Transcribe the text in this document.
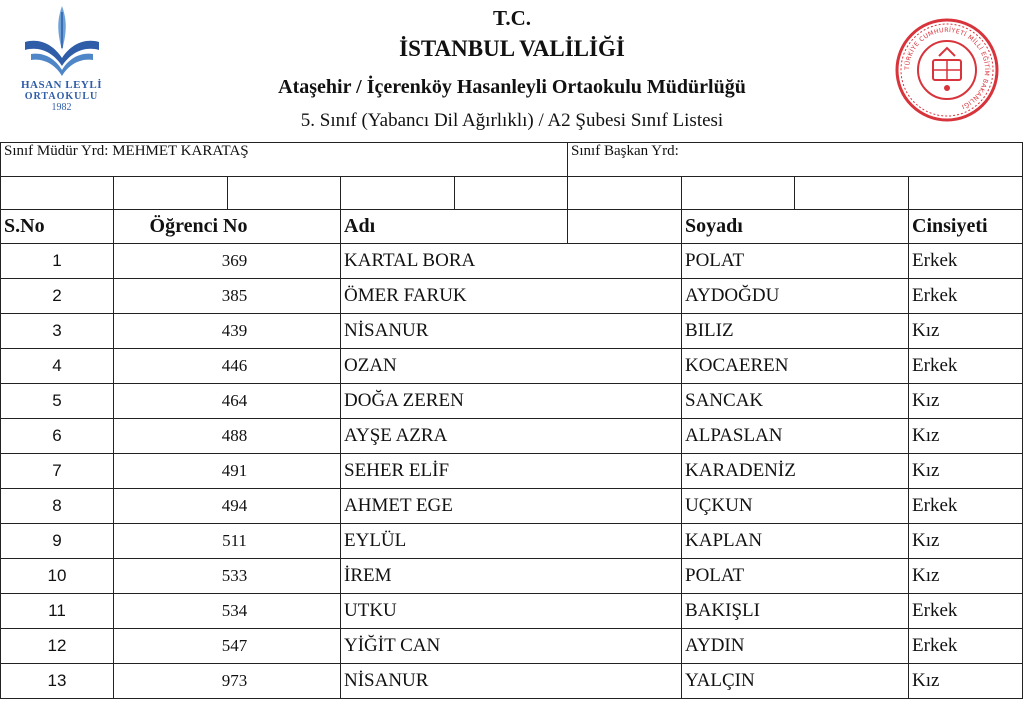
HASAN LEYLİ
ORTAOKULU
1982
T.C.
İSTANBUL VALİLİĞİ
Ataşehir / İçerenköy Hasanleyli Ortaokulu Müdürlüğü
5. Sınıf (Yabancı Dil Ağırlıklı) / A2 Şubesi Sınıf Listesi
TÜRKİYE CUMHURİYETİ MİLLİ EĞİTİM BAKANLIĞI
Sınıf Müdür Yrd: MEHMET KARATAŞ					Sınıf Başkan Yrd:			

S.No	Öğrenci No		Adı			Soyadı		Cinsiyeti
1	369		KARTAL BORA			POLAT		Erkek
2	385		ÖMER FARUK			AYDOĞDU		Erkek
3	439		NİSANUR			BILIZ		Kız
4	446		OZAN			KOCAEREN		Erkek
5	464		DOĞA ZEREN			SANCAK		Kız
6	488		AYŞE AZRA			ALPASLAN		Kız
7	491		SEHER ELİF			KARADENİZ		Kız
8	494		AHMET EGE			UÇKUN		Erkek
9	511		EYLÜL			KAPLAN		Kız
10	533		İREM			POLAT		Kız
11	534		UTKU			BAKIŞLI		Erkek
12	547		YİĞİT CAN			AYDIN		Erkek
13	973		NİSANUR			YALÇIN		Kız
